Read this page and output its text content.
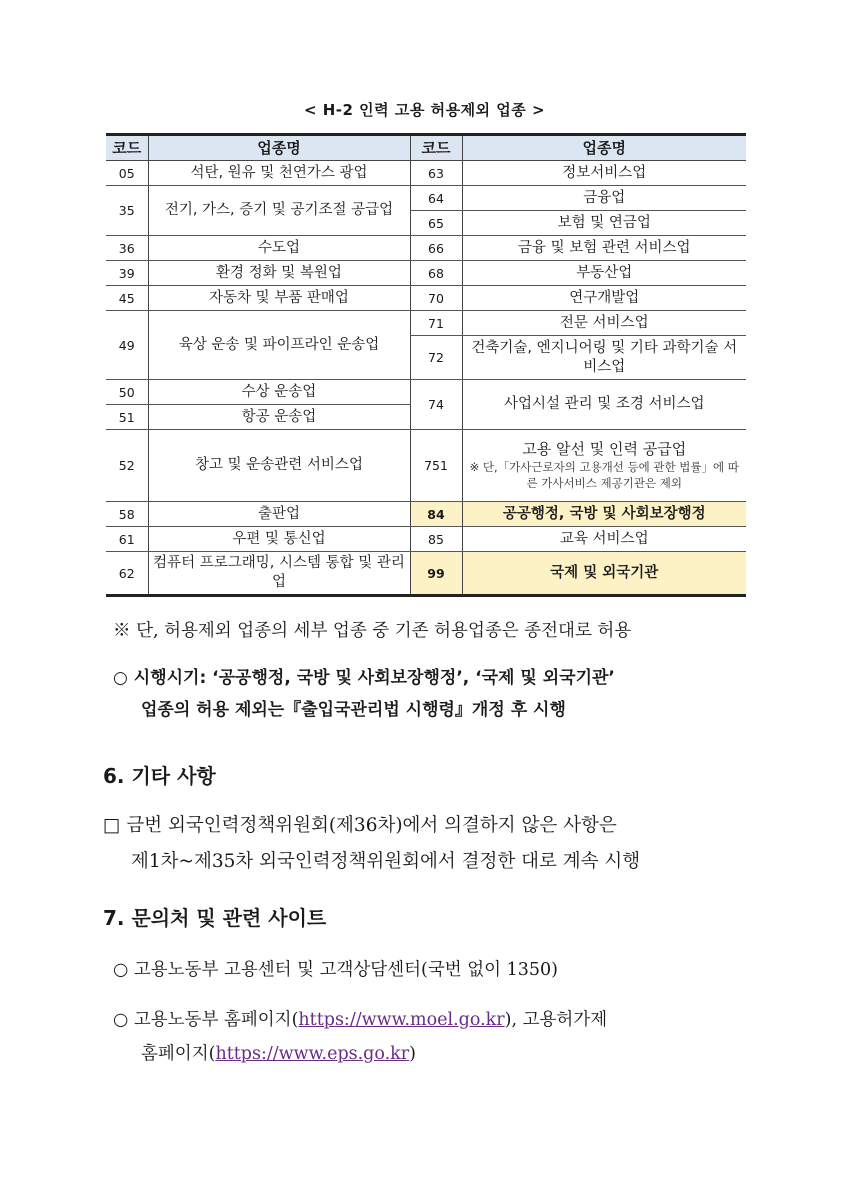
< H-2 인력 고용 허용제외 업종 >
코드	업종명	코드	업종명
05	석탄, 원유 및 천연가스 광업	63	정보서비스업
35	전기, 가스, 증기 및 공기조절 공급업	64	금융업
		65	보험 및 연금업
36	수도업	66	금융 및 보험 관련 서비스업
39	환경 정화 및 복원업	68	부동산업
45	자동차 및 부품 판매업	70	연구개발업
49	육상 운송 및 파이프라인 운송업	71	전문 서비스업
		72	건축기술, 엔지니어링 및 기타 과학기술 서비스업
50	수상 운송업	74	사업시설 관리 및 조경 서비스업
51	항공 운송업		
52	창고 및 운송관련 서비스업	751	고용 알선 및 인력 공급업
※ 단,「가사근로자의 고용개선 등에 관한 법률」에 따른 가사서비스 제공기관은 제외

58	출판업	84	공공행정, 국방 및 사회보장행정
61	우편 및 통신업	85	교육 서비스업
62	컴퓨터 프로그래밍, 시스템 통합 및 관리업	99	국제 및 외국기관
※ 단, 허용제외 업종의 세부 업종 중 기존 허용업종은 종전대로 허용
○ 시행시기: ‘공공행정, 국방 및 사회보장행정’, ‘국제 및 외국기관’
업종의 허용 제외는『출입국관리법 시행령』개정 후 시행
6. 기타 사항
□ 금번 외국인력정책위원회(제36차)에서 의결하지 않은 사항은
제1차~제35차 외국인력정책위원회에서 결정한 대로 계속 시행
7. 문의처 및 관련 사이트
○ 고용노동부 고용센터 및 고객상담센터(국번 없이 1350)
○ 고용노동부 홈페이지(https://www.moel.go.kr), 고용허가제
홈페이지(https://www.eps.go.kr)
